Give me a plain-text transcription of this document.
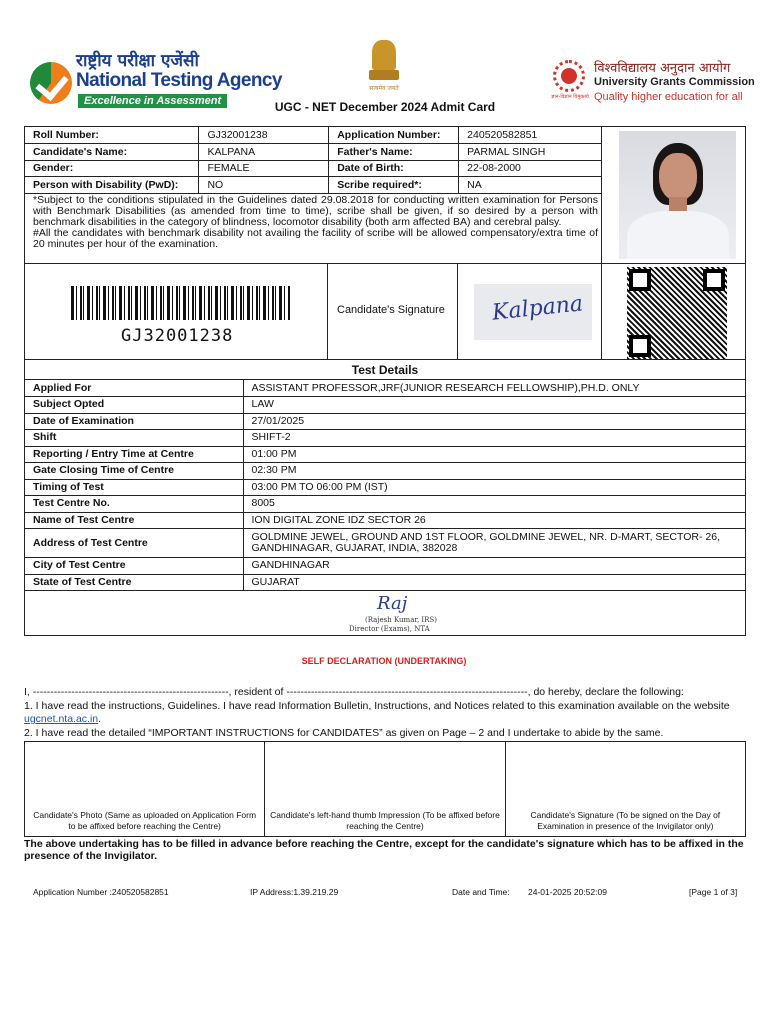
राष्ट्रीय परीक्षा एजेंसी
National Testing Agency
Excellence in Assessment
सत्यमेव जयते
UGC - NET December 2024 Admit Card
ज्ञान-विज्ञान विमुक्तये
विश्वविद्यालय अनुदान आयोग
University Grants Commission
Quality higher education for all
Roll Number:	GJ32001238	Application Number:	240520582851
Candidate's Name:	KALPANA	Father's Name:	PARMAL SINGH
Gender:	FEMALE	Date of Birth:	22-08-2000
Person with Disability (PwD):	NO	Scribe required*:	NA
*Subject to the conditions stipulated in the Guidelines dated 29.08.2018 for conducting written examination for Persons with Benchmark Disabilities (as amended from time to time), scribe shall be given, if so desired by a person with benchmark disabilities in the category of blindness, locomotor disability (both arm affected BA) and cerebral palsy.
#All the candidates with benchmark disability not availing the facility of scribe will be allowed compensatory/extra time of 20 minutes per hour of the examination.
GJ32001238
Candidate's Signature Kalpana
Test Details
Applied For	ASSISTANT PROFESSOR,JRF(JUNIOR RESEARCH FELLOWSHIP),PH.D. ONLY
Subject Opted	LAW
Date of Examination	27/01/2025
Shift	SHIFT-2
Reporting / Entry Time at Centre	01:00 PM
Gate Closing Time of Centre	02:30 PM
Timing of Test	03:00 PM TO 06:00 PM (IST)
Test Centre No.	8005
Name of Test Centre	ION DIGITAL ZONE IDZ SECTOR 26
Address of Test Centre	GOLDMINE JEWEL, GROUND AND 1ST FLOOR, GOLDMINE JEWEL, NR. D-MART, SECTOR- 26, GANDHINAGAR, GUJARAT, INDIA, 382028
City of Test Centre	GANDHINAGAR
State of Test Centre	GUJARAT
Raj
(Rajesh Kumar, IRS)
Director (Exams), NTA
SELF DECLARATION (UNDERTAKING)
I, --------------------------------------------------------, resident of ---------------------------------------------------------------------, do hereby, declare the following:
1. I have read the instructions, Guidelines. I have read Information Bulletin, Instructions, and Notices related to this examination available on the website ugcnet.nta.ac.in.
2. I have read the detailed “IMPORTANT INSTRUCTIONS for CANDIDATES” as given on Page – 2 and I undertake to abide by the same.
Candidate's Photo (Same as uploaded on Application Form to be affixed before reaching the Centre)
Candidate's left-hand thumb Impression (To be affixed before reaching the Centre)
Candidate's Signature (To be signed on the Day of Examination in presence of the Invigilator only)
The above undertaking has to be filled in advance before reaching the Centre, except for the candidate's signature which has to be affixed in the presence of the Invigilator.
Application Number :240520582851	IP Address:1.39.219.29	Date and Time: 24-01-2025 20:52:09	[Page 1 of 3]
